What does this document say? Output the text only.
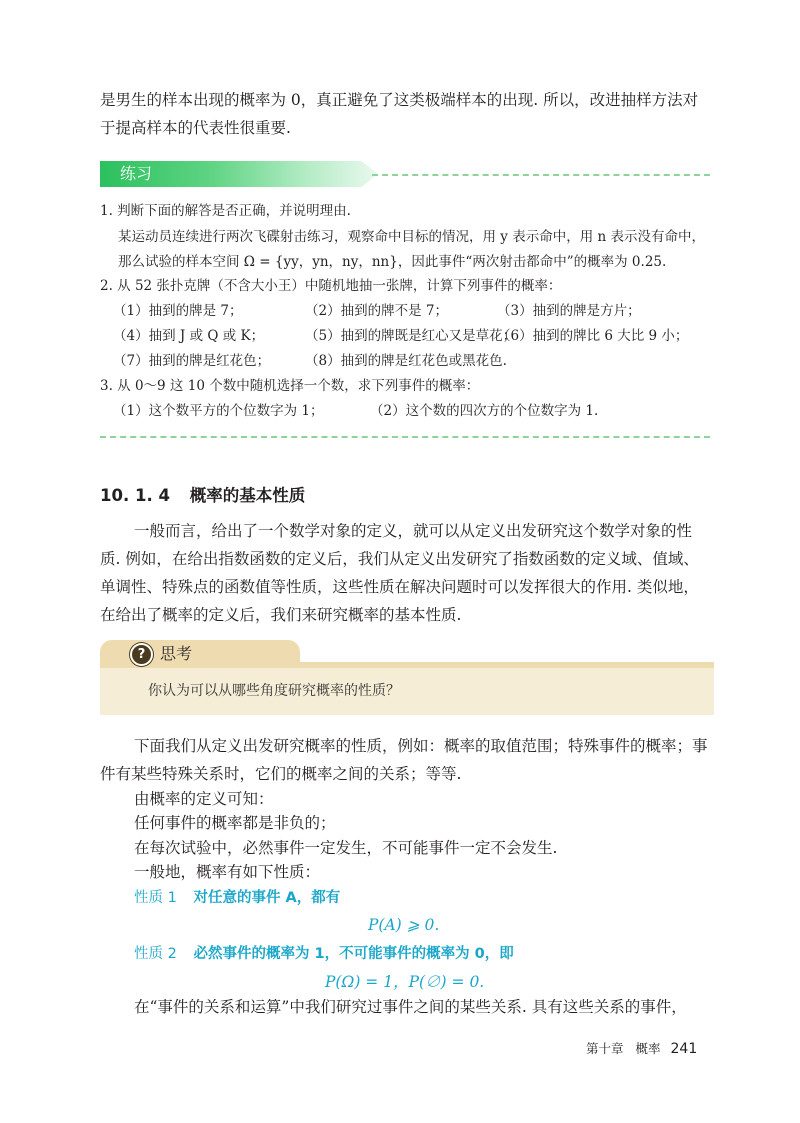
是男生的样本出现的概率为 0，真正避免了这类极端样本的出现. 所以，改进抽样方法对
于提高样本的代表性很重要.
练习
1. 判断下面的解答是否正确，并说明理由.
某运动员连续进行两次飞碟射击练习，观察命中目标的情况，用 y 表示命中，用 n 表示没有命中，
那么试验的样本空间 Ω = {yy，yn，ny，nn}，因此事件“两次射击都命中”的概率为 0.25.
2. 从 52 张扑克牌（不含大小王）中随机地抽一张牌，计算下列事件的概率：
（1）抽到的牌是 7；	（2）抽到的牌不是 7；	（3）抽到的牌是方片；
（4）抽到 J 或 Q 或 K；	（5）抽到的牌既是红心又是草花；
（6）抽到的牌比 6 大比 9 小；
（7）抽到的牌是红花色；	（8）抽到的牌是红花色或黑花色.
3. 从 0～9 这 10 个数中随机选择一个数，求下列事件的概率：
（1）这个数平方的个位数字为 1；	（2）这个数的四次方的个位数字为 1.
10. 1. 4 概率的基本性质
一般而言，给出了一个数学对象的定义，就可以从定义出发研究这个数学对象的性
质. 例如，在给出指数函数的定义后，我们从定义出发研究了指数函数的定义域、值域、
单调性、特殊点的函数值等性质，这些性质在解决问题时可以发挥很大的作用. 类似地，
在给出了概率的定义后，我们来研究概率的基本性质.
? 思考
你认为可以从哪些角度研究概率的性质？
下面我们从定义出发研究概率的性质，例如：概率的取值范围；特殊事件的概率；事
件有某些特殊关系时，它们的概率之间的关系；等等.
由概率的定义可知：
任何事件的概率都是非负的；
在每次试验中，必然事件一定发生，不可能事件一定不会发生.
一般地，概率有如下性质：
性质 1 对任意的事件 A，都有
P(A) ⩾ 0.
性质 2 必然事件的概率为 1，不可能事件的概率为 0，即
P(Ω) = 1，P(∅) = 0.
在“事件的关系和运算”中我们研究过事件之间的某些关系. 具有这些关系的事件，
第十章 概率 241
